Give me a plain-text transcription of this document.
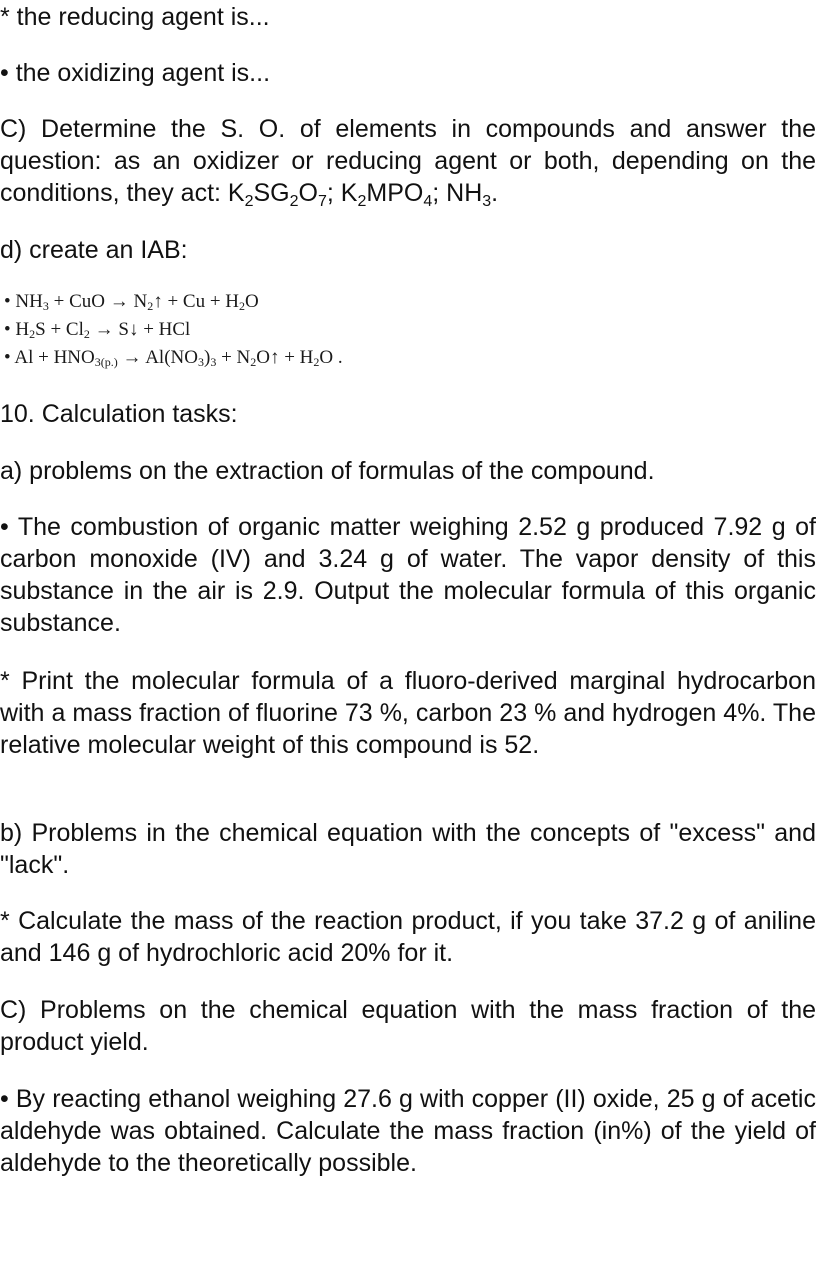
* the reducing agent is...

• the oxidizing agent is...

C) Determine the S. O. of elements in compounds and answer the question: as an oxidizer or reducing agent or both, depending on the conditions, they act: $K_2SG_2O_7$; $K_2MPO_4$; $NH_3$.

d) create an IAB:

• $NH_3$ + CuO → $N_2↑ + Cu + H_2O$
• $H_2S + Cl_2$ → S↓ + HCl
• $Al + HNO_{3(p.)} \to Al(NO_3)_3$ + $N_2O↑ + H_2O$ .

10. Calculation tasks:

a) problems on the extraction of formulas of the compound.

• The combustion of organic matter weighing 2.52 g produced 7.92 g of carbon monoxide (IV) and 3.24 g of water. The vapor density of this substance in the air is 2.9. Output the molecular formula of this organic substance.

* Print the molecular formula of a fluoro-derived marginal hydrocarbon with a mass fraction of fluorine 73 %, carbon 23 % and hydrogen 4%. The relative molecular weight of this compound is 52.

b) Problems in the chemical equation with the concepts of "excess" and "lack".

* Calculate the mass of the reaction product, if you take 37.2 g of aniline and 146 g of hydrochloric acid 20% for it.

C) Problems on the chemical equation with the mass fraction of the product yield.

• By reacting ethanol weighing 27.6 g with copper (II) oxide, 25 g of acetic aldehyde was obtained. Calculate the mass fraction (in%) of the yield of aldehyde to the theoretically possible.
